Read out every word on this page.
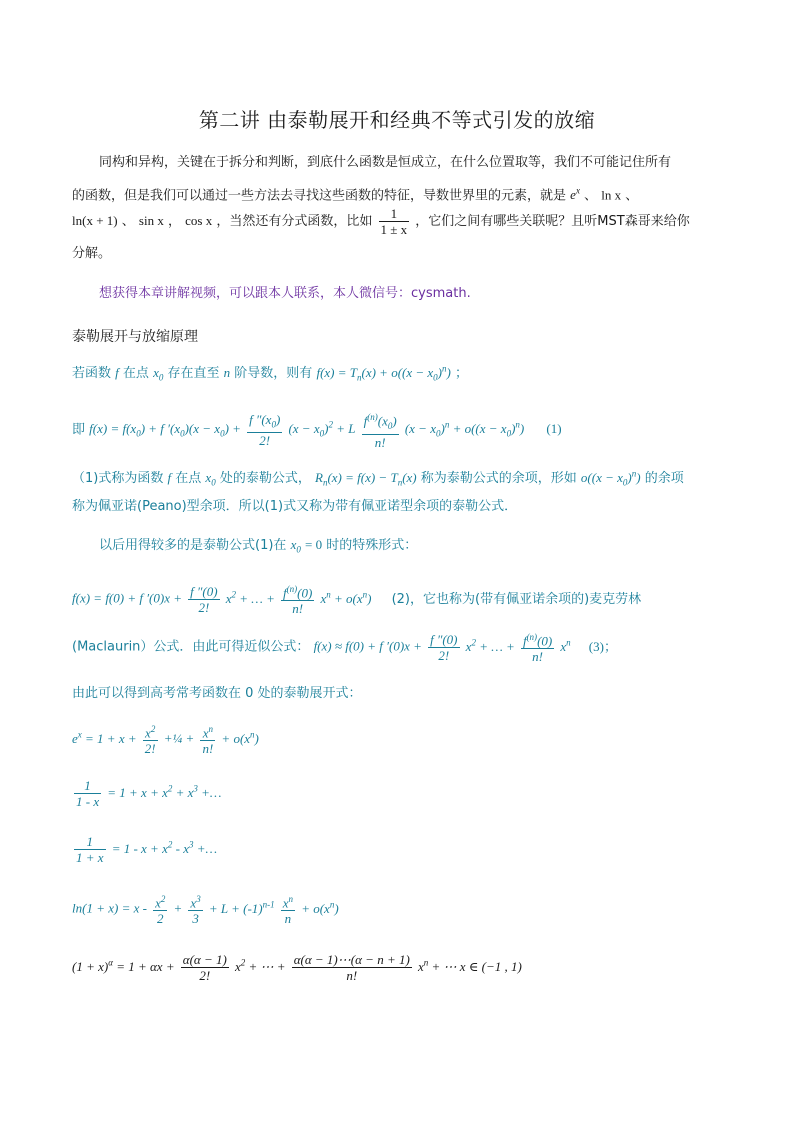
第二讲 由泰勒展开和经典不等式引发的放缩
同构和异构，关键在于拆分和判断，到底什么函数是恒成立，在什么位置取等，我们不可能记住所有
的函数，但是我们可以通过一些方法去寻找这些函数的特征，导数世界里的元素，就是 $e^x$ 、 ln x 、
ln(x + 1) 、 sin x ， cos x ，当然还有分式函数，比如 $\frac{1}{1 \pm x}$ ，它们之间有哪些关联呢？且听MST森哥来给你
分解。
想获得本章讲解视频，可以跟本人联系，本人微信号：cysmath.
泰勒展开与放缩原理
若函数 f 在点 $x_0$ 存在直至 n 阶导数，则有 $f(x) = T_n(x) + o((x - x_0)^n)$ ；
即 $f(x) = f(x_0) + f$ $'(x_0)(x - x_0) + \frac{f ''(x_0)}{2!} (x - x_0)^2 + L \frac{f^{(n)}(x_0)}{n!} (x - x_0)^n + o((x - x_0)^n)$ (1)
（1)式称为函数 f 在点 $x_0$ 处的泰勒公式， $R_n(x) = f(x) - T_n(x)$ 称为泰勒公式的余项，形如 $o((x - x_0)^n)$ 的余项
称为佩亚诺(Peano)型余项．所以(1)式又称为带有佩亚诺型余项的泰勒公式．
以后用得较多的是泰勒公式(1)在 $x_0 = 0$ 时的特殊形式：
f(x) = f(0) + f $'(0)x + \frac{f ''(0)}{2!} x^2$ + … + $\frac{f^{(n)}(0)}{n!} x^n + o(x^n)$ (2)，它也称为(带有佩亚诺余项的)麦克劳林
(Maclaurin）公式．由此可得近似公式： f(x) ≈ f(0) + f $'(0)x + \frac{f ''(0)}{2!} x^2$ + … + $\frac{f^{(n)}(0)}{n!} x^n$ (3)；
由此可以得到高考常考函数在 0 处的泰勒展开式：
$e^x = 1 + x + \frac{x^2}{2!}$ +¼ + $\frac{x^n}{n!} + o(x^n)$
$\frac{1}{1 - x} = 1 + x + x^2 + x^3$ +…
$\frac{1}{1 + x} = 1 - x + x^2 - x^3$ +…
$\ln(1 + x) = x - \frac{x^2}{2} + \frac{x^3}{3} + L + (-1)^{n-1} \frac{x^n}{n} + o(x^n)$
$(1 + x)^\alpha = 1 + \alpha x + \frac{\alpha(\alpha - 1)}{2!} x^2$ + ⋯ + $\frac{\alpha(\alpha - 1)\cdots(\alpha - n + 1)}{n!} x^n$ + ⋯ x ∈ (−1 , 1)
